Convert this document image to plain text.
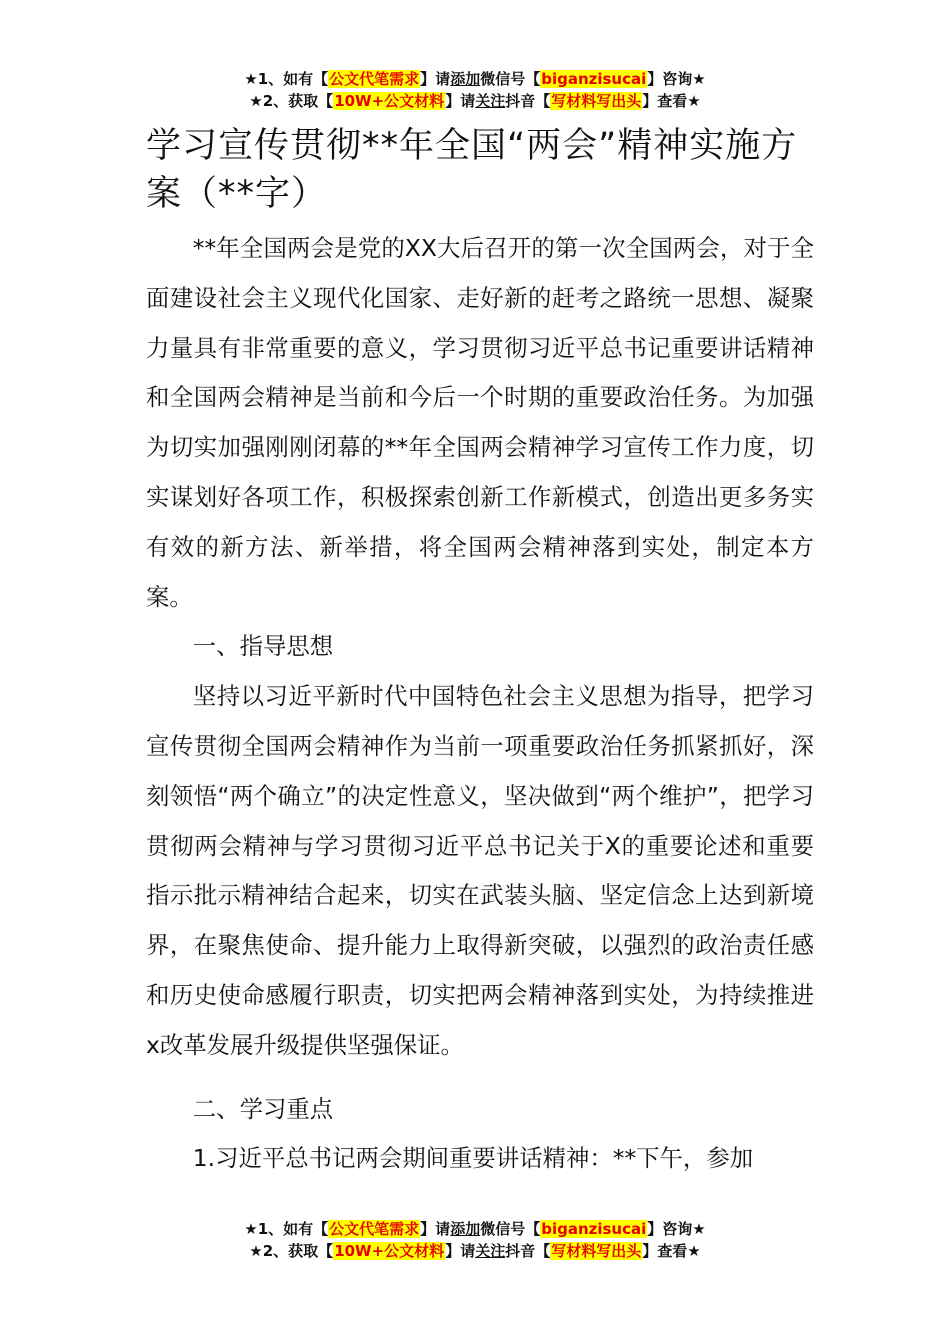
★1、如有【公文代笔需求】请添加微信号【biganzisucai】咨询★
★2、获取【10W+公文材料】请关注抖音【写材料写出头】查看★
学习宣传贯彻**年全国“两会”精神实施方案（**字）

**年全国两会是党的XX大后召开的第一次全国两会，对于全面建设社会主义现代化国家、走好新的赶考之路统一思想、凝聚力量具有非常重要的意义，学习贯彻习近平总书记重要讲话精神和全国两会精神是当前和今后一个时期的重要政治任务。为加强为切实加强刚刚闭幕的**年全国两会精神学习宣传工作力度，切实谋划好各项工作，积极探索创新工作新模式，创造出更多务实有效的新方法、新举措，将全国两会精神落到实处，制定本方案。

一、指导思想

坚持以习近平新时代中国特色社会主义思想为指导，把学习宣传贯彻全国两会精神作为当前一项重要政治任务抓紧抓好，深刻领悟“两个确立”的决定性意义，坚决做到“两个维护”，把学习贯彻两会精神与学习贯彻习近平总书记关于X的重要论述和重要指示批示精神结合起来，切实在武装头脑、坚定信念上达到新境界，在聚焦使命、提升能力上取得新突破，以强烈的政治责任感和历史使命感履行职责，切实把两会精神落到实处，为持续推进x改革发展升级提供坚强保证。

二、学习重点

1.习近平总书记两会期间重要讲话精神：**下午，参加

★1、如有【公文代笔需求】请添加微信号【biganzisucai】咨询★
★2、获取【10W+公文材料】请关注抖音【写材料写出头】查看★
